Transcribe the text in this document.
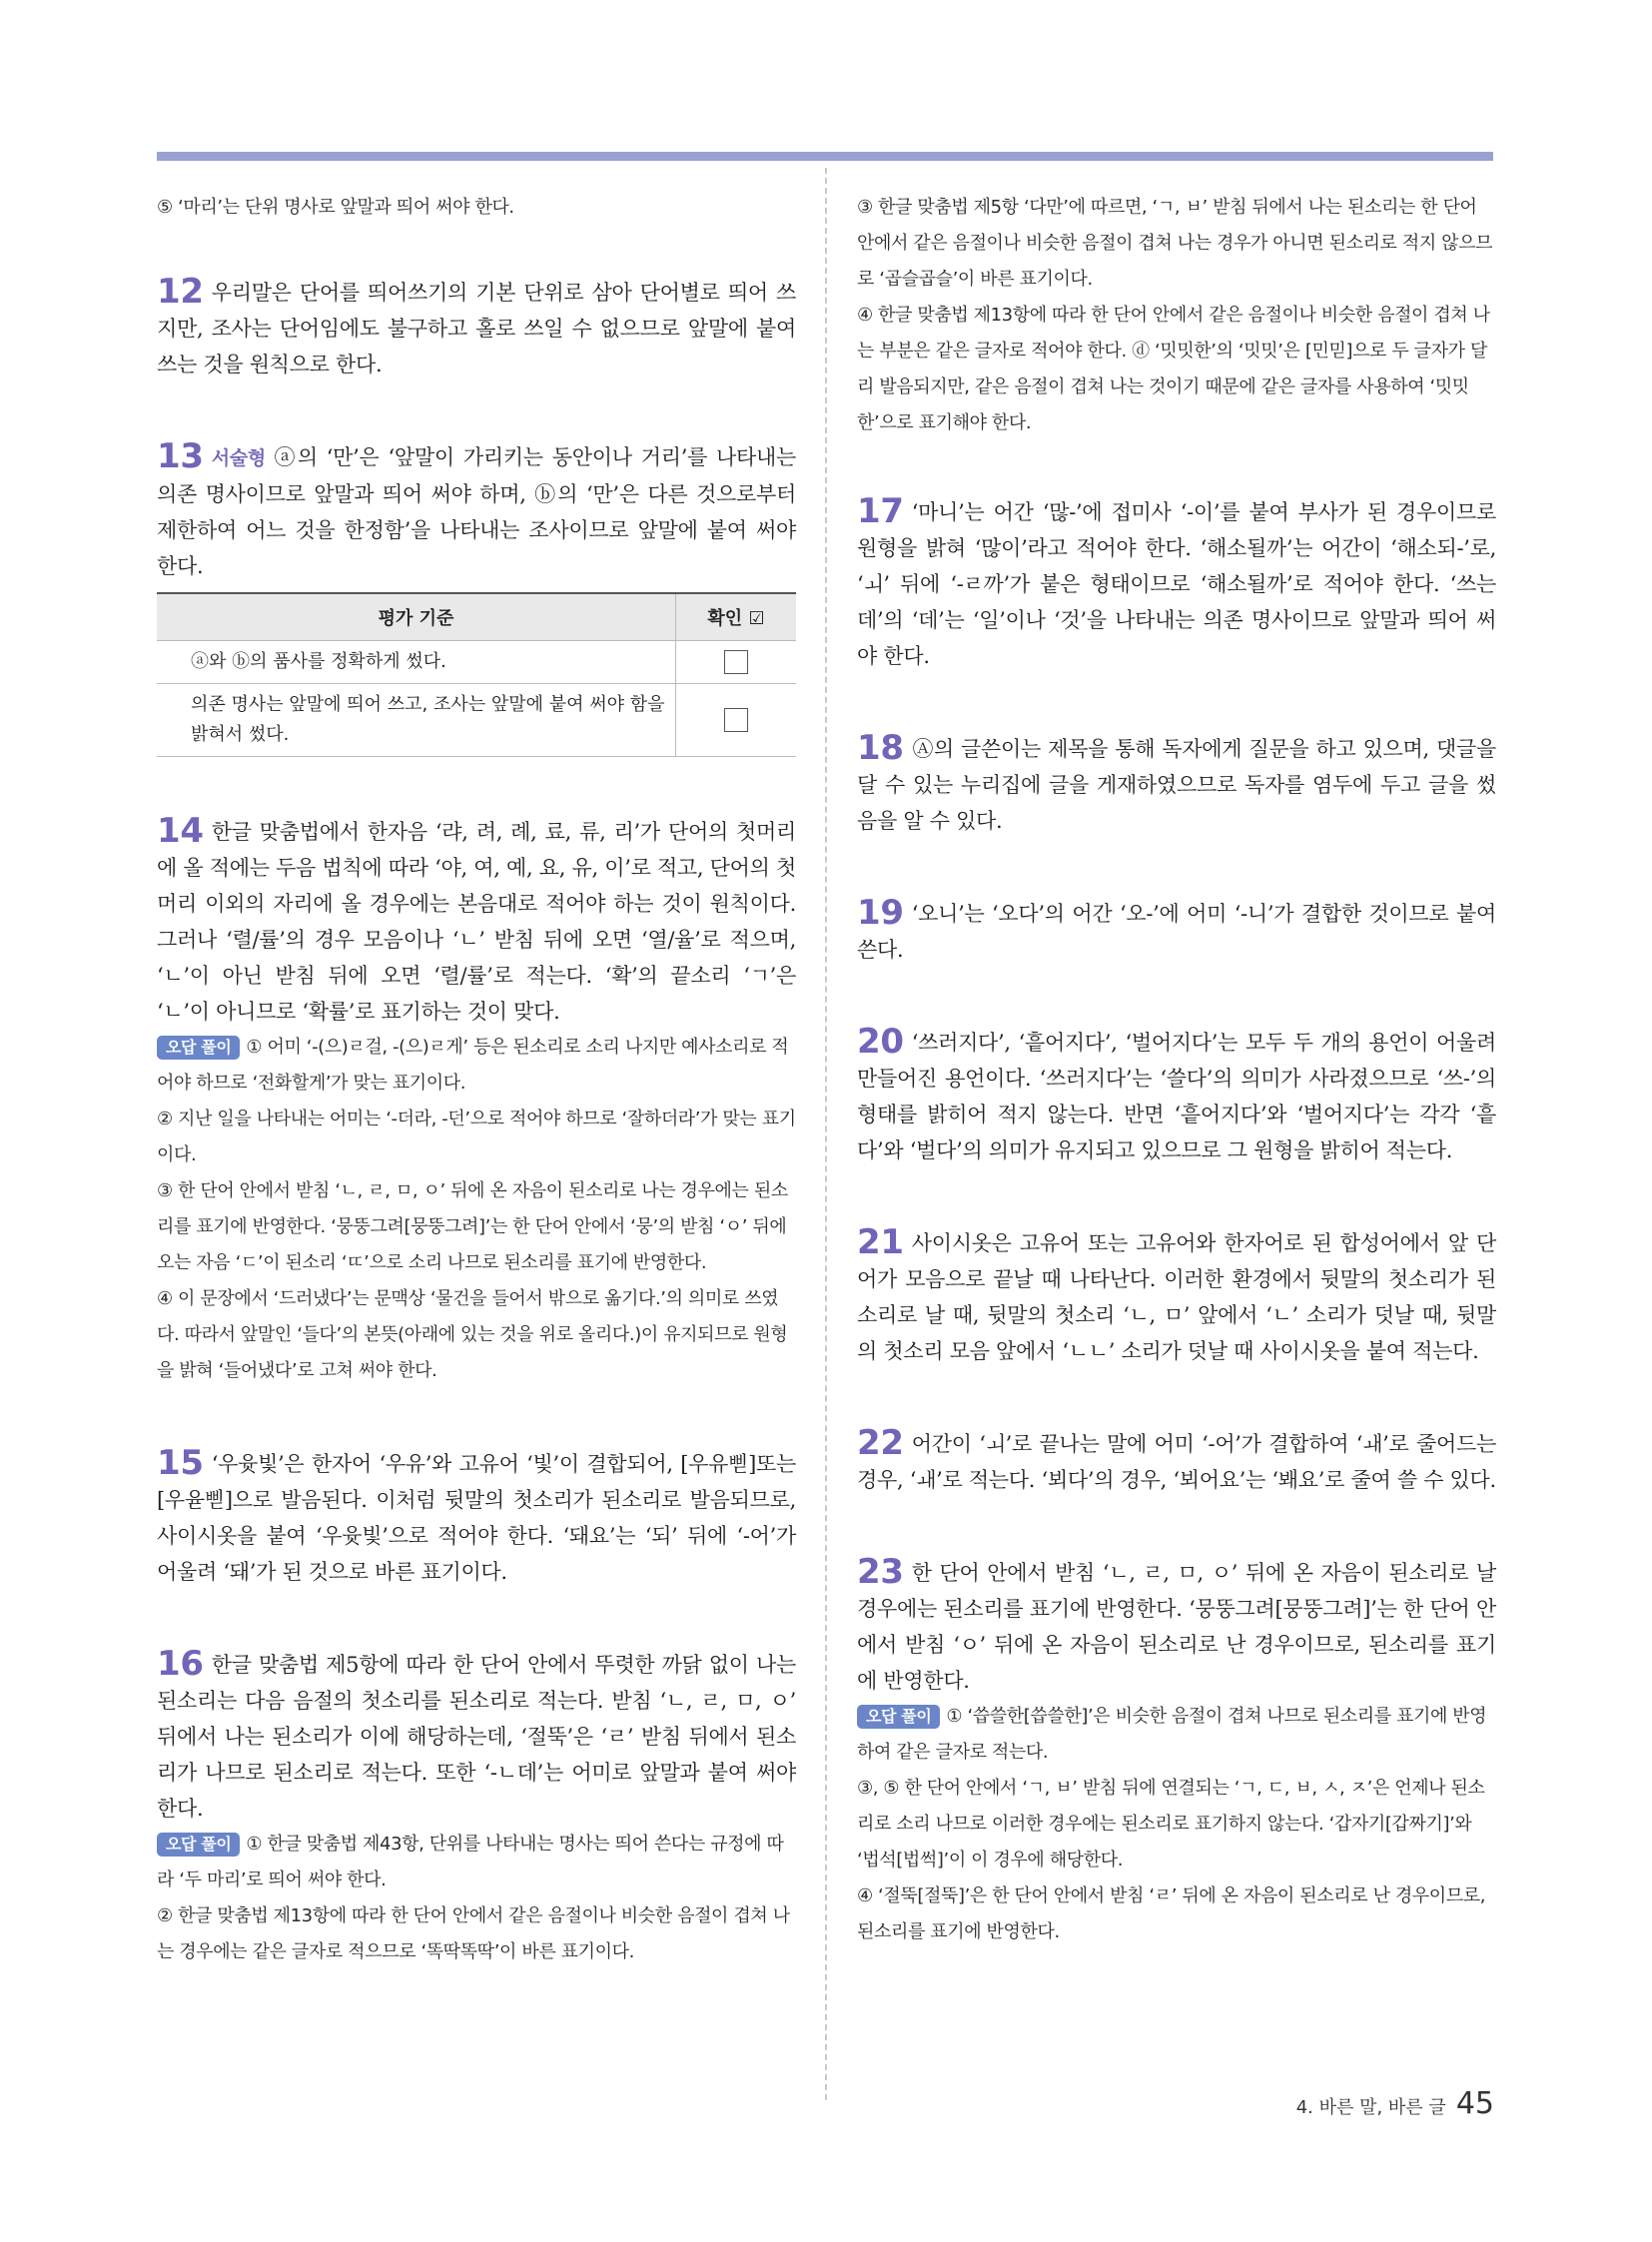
⑤ ‘마리’는 단위 명사로 앞말과 띄어 써야 한다.

12 우리말은 단어를 띄어쓰기의 기본 단위로 삼아 단어별로 띄어 쓰지만, 조사는 단어임에도 불구하고 홀로 쓰일 수 없으므로 앞말에 붙여 쓰는 것을 원칙으로 한다.

13 서술형 ⓐ의 ‘만’은 ‘앞말이 가리키는 동안이나 거리’를 나타내는 의존 명사이므로 앞말과 띄어 써야 하며, ⓑ의 ‘만’은 다른 것으로부터 제한하여 어느 것을 한정함’을 나타내는 조사이므로 앞말에 붙여 써야 한다.

평가 기준	확인 ☑
ⓐ와 ⓑ의 품사를 정확하게 썼다.	
의존 명사는 앞말에 띄어 쓰고, 조사는 앞말에 붙여 써야 함을 밝혀서 썼다.	

14 한글 맞춤법에서 한자음 ‘랴, 려, 례, 료, 류, 리’가 단어의 첫머리에 올 적에는 두음 법칙에 따라 ‘야, 여, 예, 요, 유, 이’로 적고, 단어의 첫머리 이외의 자리에 올 경우에는 본음대로 적어야 하는 것이 원칙이다. 그러나 ‘렬/률’의 경우 모음이나 ‘ㄴ’ 받침 뒤에 오면 ‘열/율’로 적으며, ‘ㄴ’이 아닌 받침 뒤에 오면 ‘렬/률’로 적는다. ‘확’의 끝소리 ‘ㄱ’은 ‘ㄴ’이 아니므로 ‘확률’로 표기하는 것이 맞다.

오답 풀이 ① 어미 ‘-(으)ㄹ걸, -(으)ㄹ게’ 등은 된소리로 소리 나지만 예사소리로 적어야 하므로 ‘전화할게’가 맞는 표기이다.

② 지난 일을 나타내는 어미는 ‘-더라, -던’으로 적어야 하므로 ‘잘하더라’가 맞는 표기이다.

③ 한 단어 안에서 받침 ‘ㄴ, ㄹ, ㅁ, ㅇ’ 뒤에 온 자음이 된소리로 나는 경우에는 된소리를 표기에 반영한다. ‘뭉뚱그려[뭉뚱그려]’는 한 단어 안에서 ‘뭉’의 받침 ‘ㅇ’ 뒤에 오는 자음 ‘ㄷ’이 된소리 ‘ㄸ’으로 소리 나므로 된소리를 표기에 반영한다.

④ 이 문장에서 ‘드러냈다’는 문맥상 ‘물건을 들어서 밖으로 옮기다.’의 의미로 쓰였다. 따라서 앞말인 ‘들다’의 본뜻(아래에 있는 것을 위로 올리다.)이 유지되므로 원형을 밝혀 ‘들어냈다’로 고쳐 써야 한다.

15 ‘우윳빛’은 한자어 ‘우유’와 고유어 ‘빛’이 결합되어, [우유삗]또는 [우윧삗]으로 발음된다. 이처럼 뒷말의 첫소리가 된소리로 발음되므로, 사이시옷을 붙여 ‘우윳빛’으로 적어야 한다. ‘돼요’는 ‘되’ 뒤에 ‘-어’가 어울려 ‘돼’가 된 것으로 바른 표기이다.

16 한글 맞춤법 제5항에 따라 한 단어 안에서 뚜렷한 까닭 없이 나는 된소리는 다음 음절의 첫소리를 된소리로 적는다. 받침 ‘ㄴ, ㄹ, ㅁ, ㅇ’ 뒤에서 나는 된소리가 이에 해당하는데, ‘절뚝’은 ‘ㄹ’ 받침 뒤에서 된소리가 나므로 된소리로 적는다. 또한 ‘-ㄴ데’는 어미로 앞말과 붙여 써야 한다.

오답 풀이 ① 한글 맞춤법 제43항, 단위를 나타내는 명사는 띄어 쓴다는 규정에 따라 ‘두 마리’로 띄어 써야 한다.

② 한글 맞춤법 제13항에 따라 한 단어 안에서 같은 음절이나 비슷한 음절이 겹쳐 나는 경우에는 같은 글자로 적으므로 ‘똑딱똑딱’이 바른 표기이다.

③ 한글 맞춤법 제5항 ‘다만’에 따르면, ‘ㄱ, ㅂ’ 받침 뒤에서 나는 된소리는 한 단어 안에서 같은 음절이나 비슷한 음절이 겹쳐 나는 경우가 아니면 된소리로 적지 않으므로 ‘곱슬곱슬’이 바른 표기이다.

④ 한글 맞춤법 제13항에 따라 한 단어 안에서 같은 음절이나 비슷한 음절이 겹쳐 나는 부분은 같은 글자로 적어야 한다. ⓓ ‘밋밋한’의 ‘밋밋’은 [민믿]으로 두 글자가 달리 발음되지만, 같은 음절이 겹쳐 나는 것이기 때문에 같은 글자를 사용하여 ‘밋밋한’으로 표기해야 한다.

17 ‘마니’는 어간 ‘많-’에 접미사 ‘-이’를 붙여 부사가 된 경우이므로 원형을 밝혀 ‘많이’라고 적어야 한다. ‘해소될까’는 어간이 ‘해소되-’로, ‘ㅚ’ 뒤에 ‘-ㄹ까’가 붙은 형태이므로 ‘해소될까’로 적어야 한다. ‘쓰는데’의 ‘데’는 ‘일’이나 ‘것’을 나타내는 의존 명사이므로 앞말과 띄어 써야 한다.

18 Ⓐ의 글쓴이는 제목을 통해 독자에게 질문을 하고 있으며, 댓글을 달 수 있는 누리집에 글을 게재하였으므로 독자를 염두에 두고 글을 썼음을 알 수 있다.

19 ‘오니’는 ‘오다’의 어간 ‘오-’에 어미 ‘-니’가 결합한 것이므로 붙여 쓴다.

20 ‘쓰러지다’, ‘흩어지다’, ‘벌어지다’는 모두 두 개의 용언이 어울려 만들어진 용언이다. ‘쓰러지다’는 ‘쓸다’의 의미가 사라졌으므로 ‘쓰-’의 형태를 밝히어 적지 않는다. 반면 ‘흩어지다’와 ‘벌어지다’는 각각 ‘흩다’와 ‘벌다’의 의미가 유지되고 있으므로 그 원형을 밝히어 적는다.

21 사이시옷은 고유어 또는 고유어와 한자어로 된 합성어에서 앞 단어가 모음으로 끝날 때 나타난다. 이러한 환경에서 뒷말의 첫소리가 된소리로 날 때, 뒷말의 첫소리 ‘ㄴ, ㅁ’ 앞에서 ‘ㄴ’ 소리가 덧날 때, 뒷말의 첫소리 모음 앞에서 ‘ㄴㄴ’ 소리가 덧날 때 사이시옷을 붙여 적는다.

22 어간이 ‘ㅚ’로 끝나는 말에 어미 ‘-어’가 결합하여 ‘ㅙ’로 줄어드는 경우, ‘ㅙ’로 적는다. ‘뵈다’의 경우, ‘뵈어요’는 ‘봬요’로 줄여 쓸 수 있다.

23 한 단어 안에서 받침 ‘ㄴ, ㄹ, ㅁ, ㅇ’ 뒤에 온 자음이 된소리로 날 경우에는 된소리를 표기에 반영한다. ‘뭉뚱그려[뭉뚱그려]’는 한 단어 안에서 받침 ‘ㅇ’ 뒤에 온 자음이 된소리로 난 경우이므로, 된소리를 표기에 반영한다.

오답 풀이 ① ‘씁쓸한[씁쓸한]’은 비슷한 음절이 겹쳐 나므로 된소리를 표기에 반영하여 같은 글자로 적는다.

③, ⑤ 한 단어 안에서 ‘ㄱ, ㅂ’ 받침 뒤에 연결되는 ‘ㄱ, ㄷ, ㅂ, ㅅ, ㅈ’은 언제나 된소리로 소리 나므로 이러한 경우에는 된소리로 표기하지 않는다. ‘갑자기[갑짜기]’와 ‘법석[법썩]’이 이 경우에 해당한다.

④ ‘절뚝[절뚝]’은 한 단어 안에서 받침 ‘ㄹ’ 뒤에 온 자음이 된소리로 난 경우이므로, 된소리를 표기에 반영한다.

4. 바른 말, 바른 글 45
